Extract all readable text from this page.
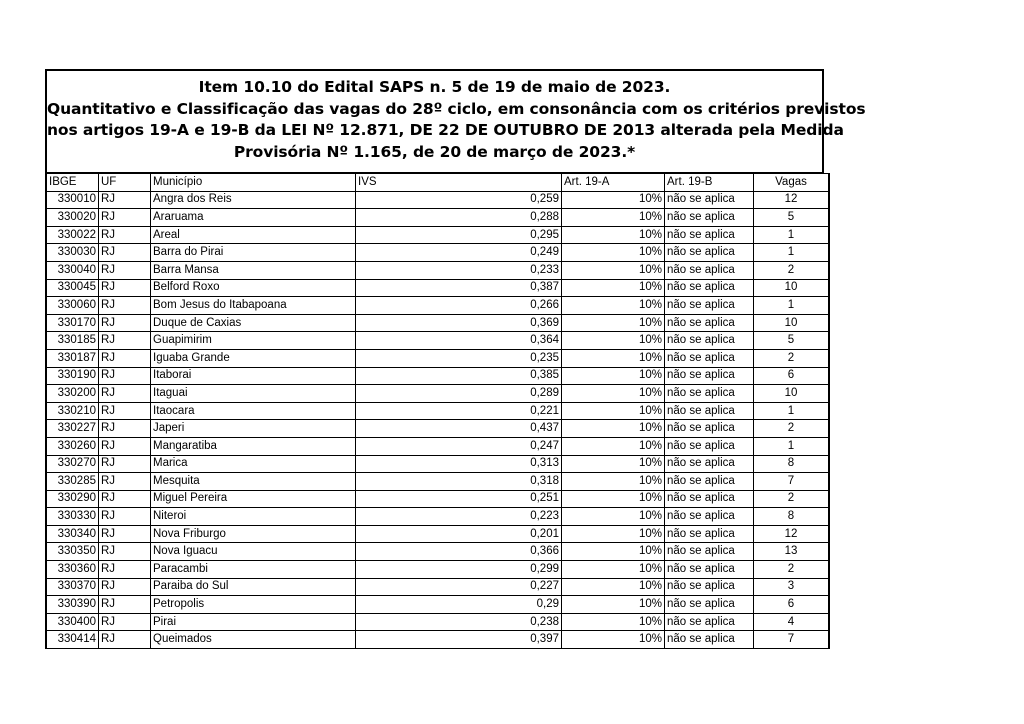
Item 10.10 do Edital SAPS n. 5 de 19 de maio de 2023.
Quantitativo e Classificação das vagas do 28º ciclo, em consonância com os critérios previstos
nos artigos 19-A e 19-B da LEI Nº 12.871, DE 22 DE OUTUBRO DE 2013 alterada pela Medida
Provisória Nº 1.165, de 20 de março de 2023.*
IBGE	UF	Município	IVS	Art. 19-A	Art. 19-B	Vagas
330010	RJ	Angra dos Reis	0,259	10%	não se aplica	12
330020	RJ	Araruama	0,288	10%	não se aplica	5
330022	RJ	Areal	0,295	10%	não se aplica	1
330030	RJ	Barra do Pirai	0,249	10%	não se aplica	1
330040	RJ	Barra Mansa	0,233	10%	não se aplica	2
330045	RJ	Belford Roxo	0,387	10%	não se aplica	10
330060	RJ	Bom Jesus do Itabapoana	0,266	10%	não se aplica	1
330170	RJ	Duque de Caxias	0,369	10%	não se aplica	10
330185	RJ	Guapimirim	0,364	10%	não se aplica	5
330187	RJ	Iguaba Grande	0,235	10%	não se aplica	2
330190	RJ	Itaborai	0,385	10%	não se aplica	6
330200	RJ	Itaguai	0,289	10%	não se aplica	10
330210	RJ	Itaocara	0,221	10%	não se aplica	1
330227	RJ	Japeri	0,437	10%	não se aplica	2
330260	RJ	Mangaratiba	0,247	10%	não se aplica	1
330270	RJ	Marica	0,313	10%	não se aplica	8
330285	RJ	Mesquita	0,318	10%	não se aplica	7
330290	RJ	Miguel Pereira	0,251	10%	não se aplica	2
330330	RJ	Niteroi	0,223	10%	não se aplica	8
330340	RJ	Nova Friburgo	0,201	10%	não se aplica	12
330350	RJ	Nova Iguacu	0,366	10%	não se aplica	13
330360	RJ	Paracambi	0,299	10%	não se aplica	2
330370	RJ	Paraiba do Sul	0,227	10%	não se aplica	3
330390	RJ	Petropolis	0,29	10%	não se aplica	6
330400	RJ	Pirai	0,238	10%	não se aplica	4
330414	RJ	Queimados	0,397	10%	não se aplica	7
